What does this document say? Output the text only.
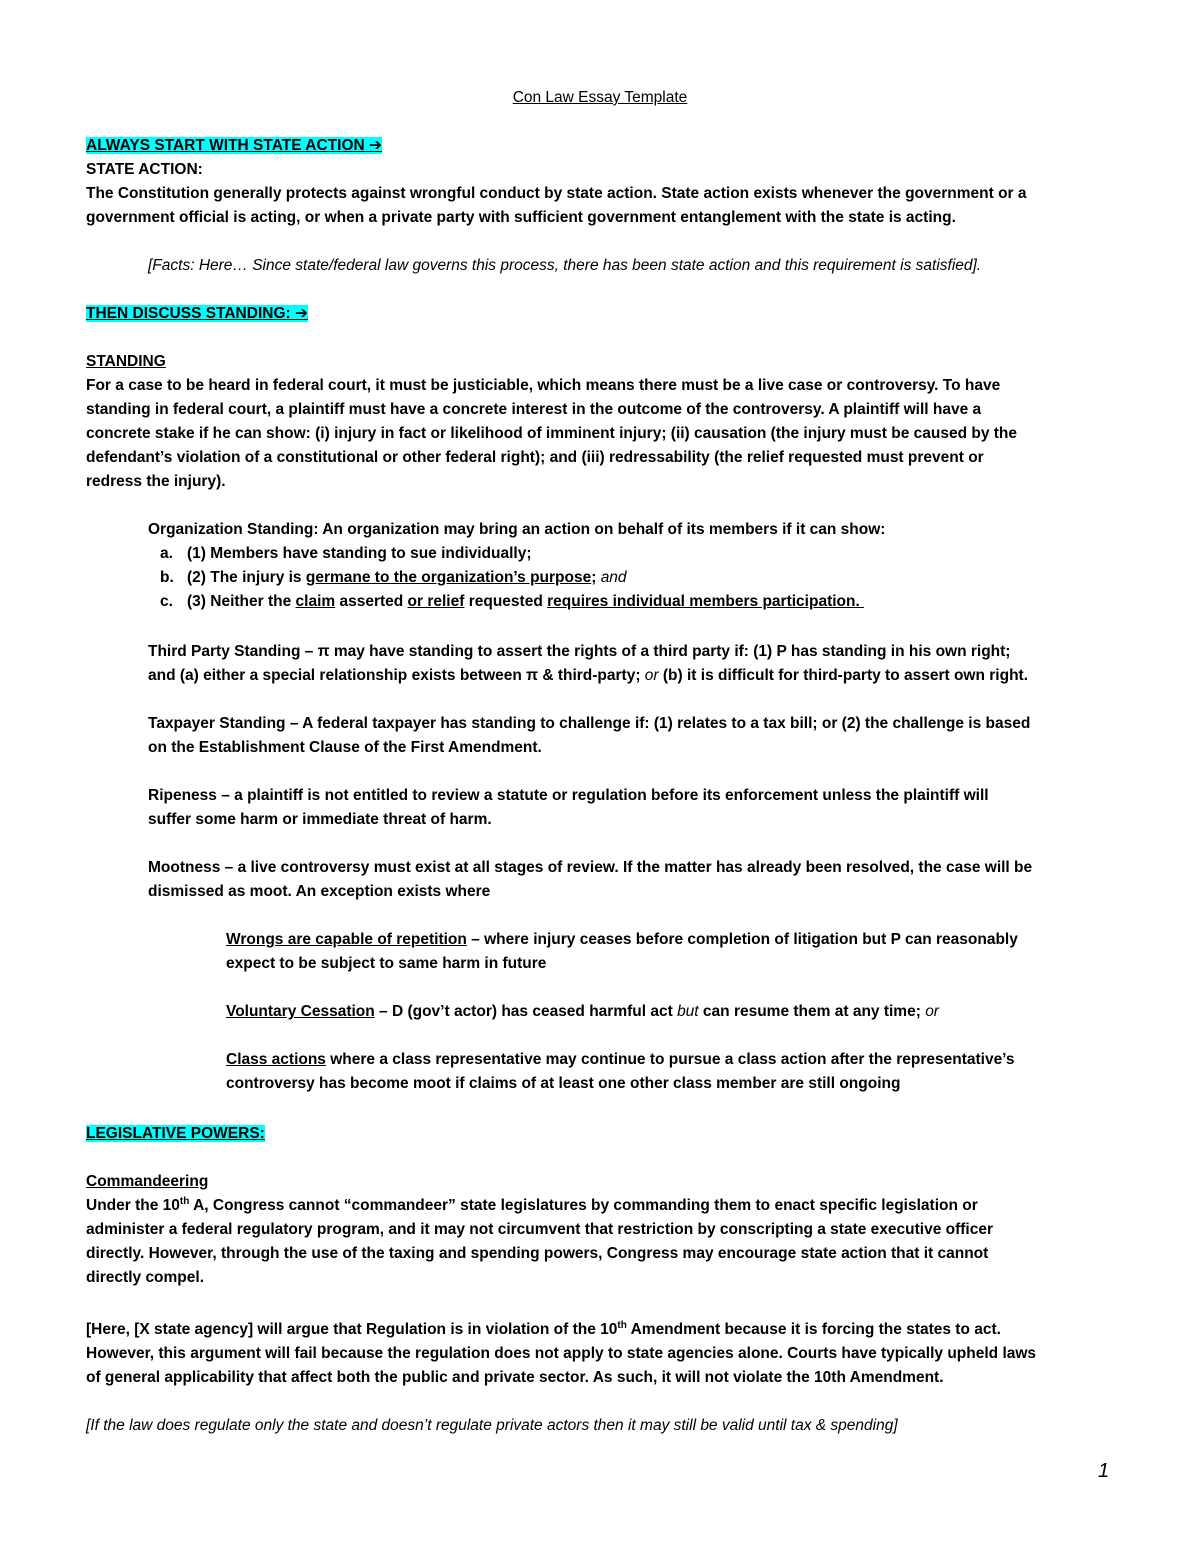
Con Law Essay Template
ALWAYS START WITH STATE ACTION ➔
STATE ACTION:
The Constitution generally protects against wrongful conduct by state action. State action exists whenever the government or a
government official is acting, or when a private party with sufficient government entanglement with the state is acting.
[Facts: Here… Since state/federal law governs this process, there has been state action and this requirement is satisfied].
THEN DISCUSS STANDING: ➔
STANDING
For a case to be heard in federal court, it must be justiciable, which means there must be a live case or controversy. To have
standing in federal court, a plaintiff must have a concrete interest in the outcome of the controversy. A plaintiff will have a
concrete stake if he can show: (i) injury in fact or likelihood of imminent injury; (ii) causation (the injury must be caused by the
defendant’s violation of a constitutional or other federal right); and (iii) redressability (the relief requested must prevent or
redress the injury).
Organization Standing: An organization may bring an action on behalf of its members if it can show:
a. (1) Members have standing to sue individually;
b. (2) The injury is germane to the organization’s purpose; and
c. (3) Neither the claim asserted or relief requested requires individual members participation.
Third Party Standing – π may have standing to assert the rights of a third party if: (1) P has standing in his own right;
and (a) either a special relationship exists between π & third-party; or (b) it is difficult for third-party to assert own right.
Taxpayer Standing – A federal taxpayer has standing to challenge if: (1) relates to a tax bill; or (2) the challenge is based
on the Establishment Clause of the First Amendment.
Ripeness – a plaintiff is not entitled to review a statute or regulation before its enforcement unless the plaintiff will
suffer some harm or immediate threat of harm.
Mootness – a live controversy must exist at all stages of review. If the matter has already been resolved, the case will be
dismissed as moot. An exception exists where
Wrongs are capable of repetition – where injury ceases before completion of litigation but P can reasonably
expect to be subject to same harm in future
Voluntary Cessation – D (gov’t actor) has ceased harmful act but can resume them at any time; or
Class actions where a class representative may continue to pursue a class action after the representative’s
controversy has become moot if claims of at least one other class member are still ongoing
LEGISLATIVE POWERS:
Commandeering
Under the 10th A, Congress cannot “commandeer” state legislatures by commanding them to enact specific legislation or
administer a federal regulatory program, and it may not circumvent that restriction by conscripting a state executive officer
directly. However, through the use of the taxing and spending powers, Congress may encourage state action that it cannot
directly compel.
[Here, [X state agency] will argue that Regulation is in violation of the 10th Amendment because it is forcing the states to act.
However, this argument will fail because the regulation does not apply to state agencies alone. Courts have typically upheld laws
of general applicability that affect both the public and private sector. As such, it will not violate the 10th Amendment.
[If the law does regulate only the state and doesn’t regulate private actors then it may still be valid until tax & spending]
1
